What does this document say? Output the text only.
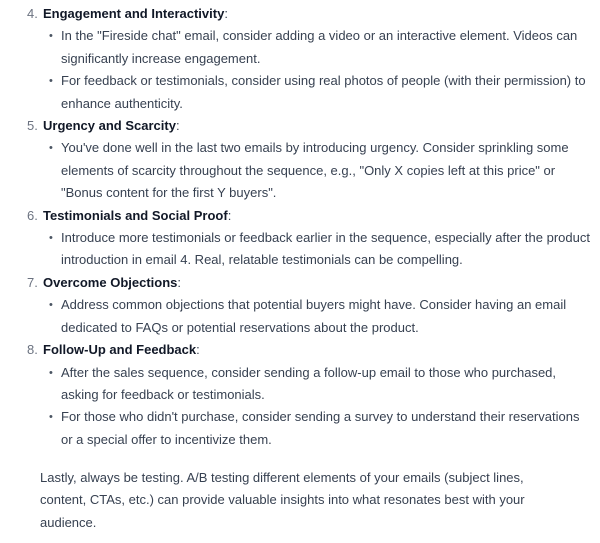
4. Engagement and Interactivity:
• In the "Fireside chat" email, consider adding a video or an interactive element. Videos can significantly increase engagement.
• For feedback or testimonials, consider using real photos of people (with their permission) to enhance authenticity.
5. Urgency and Scarcity:
• You've done well in the last two emails by introducing urgency. Consider sprinkling some elements of scarcity throughout the sequence, e.g., "Only X copies left at this price" or "Bonus content for the first Y buyers".
6. Testimonials and Social Proof:
• Introduce more testimonials or feedback earlier in the sequence, especially after the product introduction in email 4. Real, relatable testimonials can be compelling.
7. Overcome Objections:
• Address common objections that potential buyers might have. Consider having an email dedicated to FAQs or potential reservations about the product.
8. Follow-Up and Feedback:
• After the sales sequence, consider sending a follow-up email to those who purchased, asking for feedback or testimonials.
• For those who didn't purchase, consider sending a survey to understand their reservations or a special offer to incentivize them.

Lastly, always be testing. A/B testing different elements of your emails (subject lines, content, CTAs, etc.) can provide valuable insights into what resonates best with your audience.
